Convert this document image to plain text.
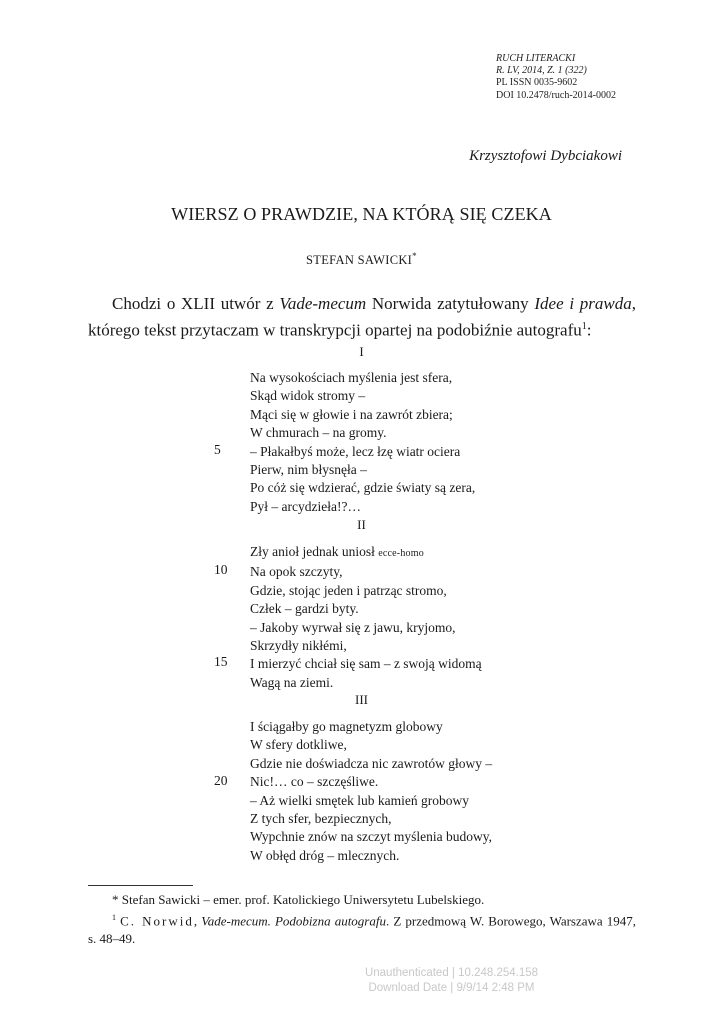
RUCH LITERACKI
R. LV, 2014, Z. 1 (322)
PL ISSN 0035-9602
DOI 10.2478/ruch-2014-0002
Krzysztofowi Dybciakowi
WIERSZ O PRAWDZIE, NA KTÓRĄ SIĘ CZEKA
STEFAN SAWICKI*

Chodzi o XLII utwór z Vade-mecum Norwida zatytułowany Idee i prawda, którego tekst przytaczam w transkrypcji opartej na podobiźnie autografu$^1$:

I
Na wysokościach myślenia jest sfera,
Skąd widok stromy –
Mąci się w głowie i na zawrót zbiera;
W chmurach – na gromy.
– Płakałbyś może, lecz łzę wiatr ociera
Pierw, nim błysnęła –
Po cóż się wdzierać, gdzie światy są zera,
Pył – arcydzieła!?…
5
II
Zły anioł jednak uniosł ecce-homo
Na opok szczyty,
Gdzie, stojąc jeden i patrząc stromo,
Człek – gardzi byty.
– Jakoby wyrwał się z jawu, kryjomo,
Skrzydły nikłémi,
I mierzyć chciał się sam – z swoją widomą
Wagą na ziemi.
10
15
III
I ściągałby go magnetyzm globowy
W sfery dotkliwe,
Gdzie nie doświadcza nic zawrotów głowy –
Nic!… co – szczęśliwe.
– Aż wielki smętek lub kamień grobowy
Z tych sfer, bezpiecznych,
Wypchnie znów na szczyt myślenia budowy,
W obłęd dróg – mlecznych.
20

* Stefan Sawicki – emer. prof. Katolickiego Uniwersytetu Lubelskiego.

$^1$ C. Norwid, Vade-mecum. Podobizna autografu. Z przedmową W. Borowego, Warszawa 1947, s. 48–49.

Unauthenticated | 10.248.254.158
Download Date | 9/9/14 2:48 PM
